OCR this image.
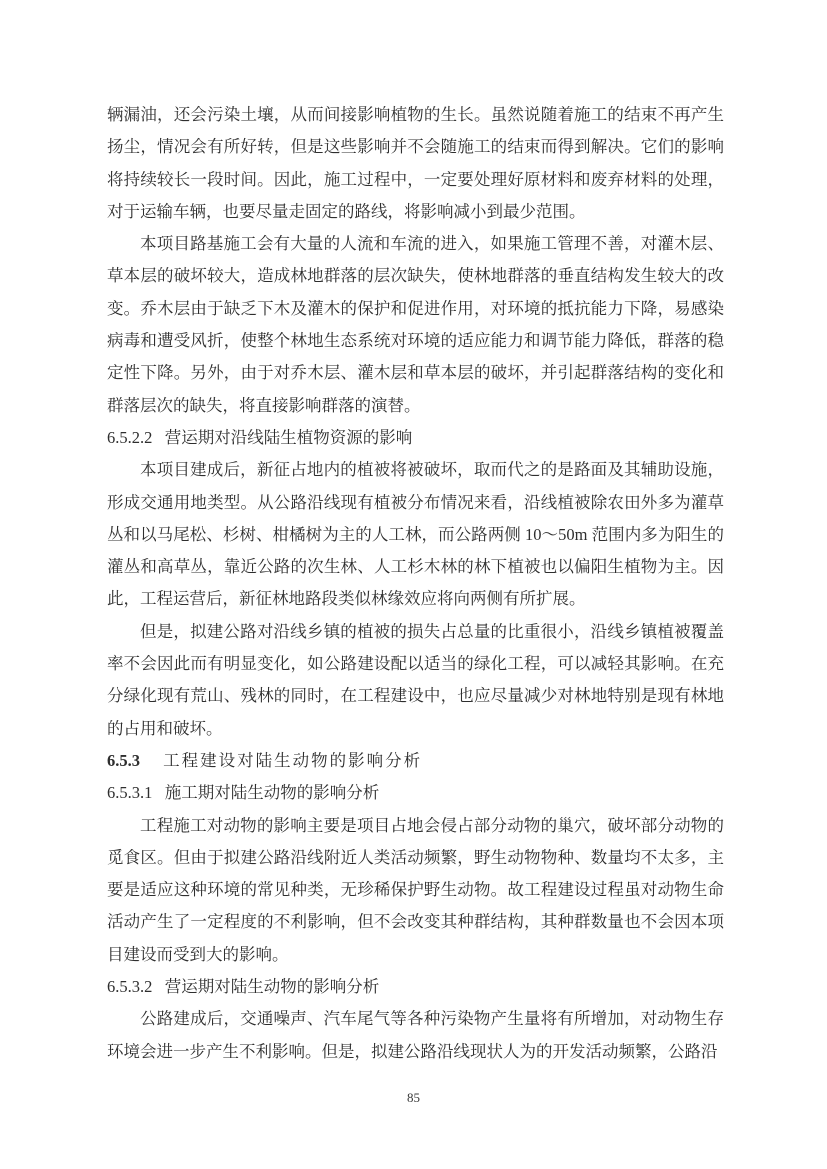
辆漏油，还会污染土壤，从而间接影响植物的生长。虽然说随着施工的结束不再产生扬尘，情况会有所好转，但是这些影响并不会随施工的结束而得到解决。它们的影响将持续较长一段时间。因此，施工过程中，一定要处理好原材料和废弃材料的处理，对于运输车辆，也要尽量走固定的路线，将影响减小到最少范围。

本项目路基施工会有大量的人流和车流的进入，如果施工管理不善，对灌木层、草本层的破坏较大，造成林地群落的层次缺失，使林地群落的垂直结构发生较大的改变。乔木层由于缺乏下木及灌木的保护和促进作用，对环境的抵抗能力下降，易感染病毒和遭受风折，使整个林地生态系统对环境的适应能力和调节能力降低，群落的稳定性下降。另外，由于对乔木层、灌木层和草本层的破坏，并引起群落结构的变化和群落层次的缺失，将直接影响群落的演替。

6.5.2.2 营运期对沿线陆生植物资源的影响

本项目建成后，新征占地内的植被将被破坏，取而代之的是路面及其辅助设施，形成交通用地类型。从公路沿线现有植被分布情况来看，沿线植被除农田外多为灌草丛和以马尾松、杉树、柑橘树为主的人工林，而公路两侧 10～50m 范围内多为阳生的灌丛和高草丛，靠近公路的次生林、人工杉木林的林下植被也以偏阳生植物为主。因此，工程运营后，新征林地路段类似林缘效应将向两侧有所扩展。

但是，拟建公路对沿线乡镇的植被的损失占总量的比重很小，沿线乡镇植被覆盖率不会因此而有明显变化，如公路建设配以适当的绿化工程，可以减轻其影响。在充分绿化现有荒山、残林的同时，在工程建设中，也应尽量减少对林地特别是现有林地的占用和破坏。

6.5.3 工程建设对陆生动物的影响分析
6.5.3.1 施工期对陆生动物的影响分析

工程施工对动物的影响主要是项目占地会侵占部分动物的巢穴，破坏部分动物的觅食区。但由于拟建公路沿线附近人类活动频繁，野生动物物种、数量均不太多，主要是适应这种环境的常见种类，无珍稀保护野生动物。故工程建设过程虽对动物生命活动产生了一定程度的不利影响，但不会改变其种群结构，其种群数量也不会因本项目建设而受到大的影响。

6.5.3.2 营运期对陆生动物的影响分析

公路建成后，交通噪声、汽车尾气等各种污染物产生量将有所增加，对动物生存环境会进一步产生不利影响。但是，拟建公路沿线现状人为的开发活动频繁，公路沿

85
